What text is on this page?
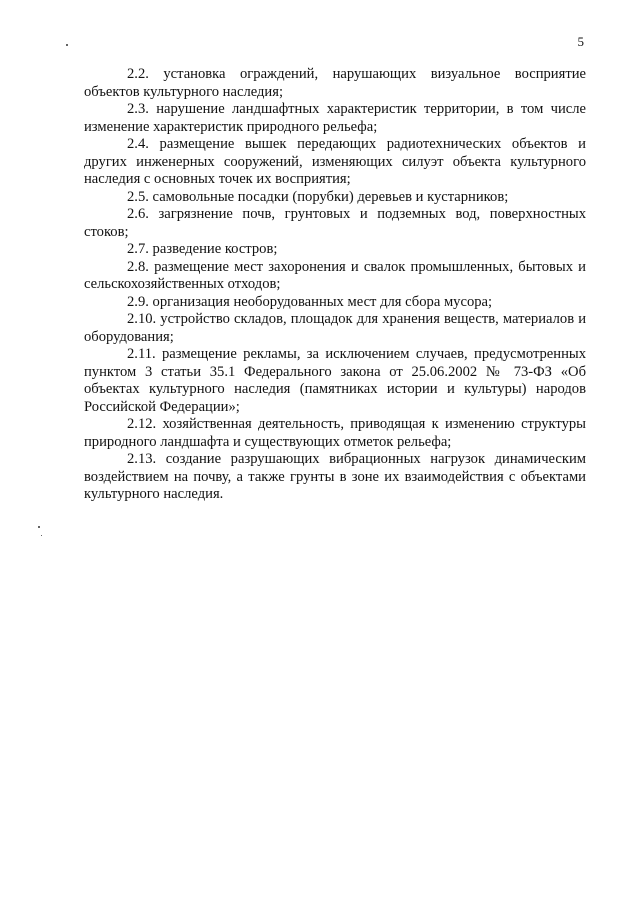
5

2.2. установка ограждений, нарушающих визуальное восприятие объектов культурного наследия;

2.3. нарушение ландшафтных характеристик территории, в том числе изменение характеристик природного рельефа;

2.4. размещение вышек передающих радиотехнических объектов и других инженерных сооружений, изменяющих силуэт объекта культурного наследия с основных точек их восприятия;

2.5. самовольные посадки (порубки) деревьев и кустарников;

2.6. загрязнение почв, грунтовых и подземных вод, поверхностных стоков;

2.7. разведение костров;

2.8. размещение мест захоронения и свалок промышленных, бытовых и сельскохозяйственных отходов;

2.9. организация необорудованных мест для сбора мусора;

2.10. устройство складов, площадок для хранения веществ, материалов и оборудования;

2.11. размещение рекламы, за исключением случаев, предусмотренных пунктом 3 статьи 35.1 Федерального закона от 25.06.2002 № 73-ФЗ «Об объектах культурного наследия (памятниках истории и культуры) народов Российской Федерации»;

2.12. хозяйственная деятельность, приводящая к изменению структуры природного ландшафта и существующих отметок рельефа;

2.13. создание разрушающих вибрационных нагрузок динамическим воздействием на почву, а также грунты в зоне их взаимодействия с объектами культурного наследия.
